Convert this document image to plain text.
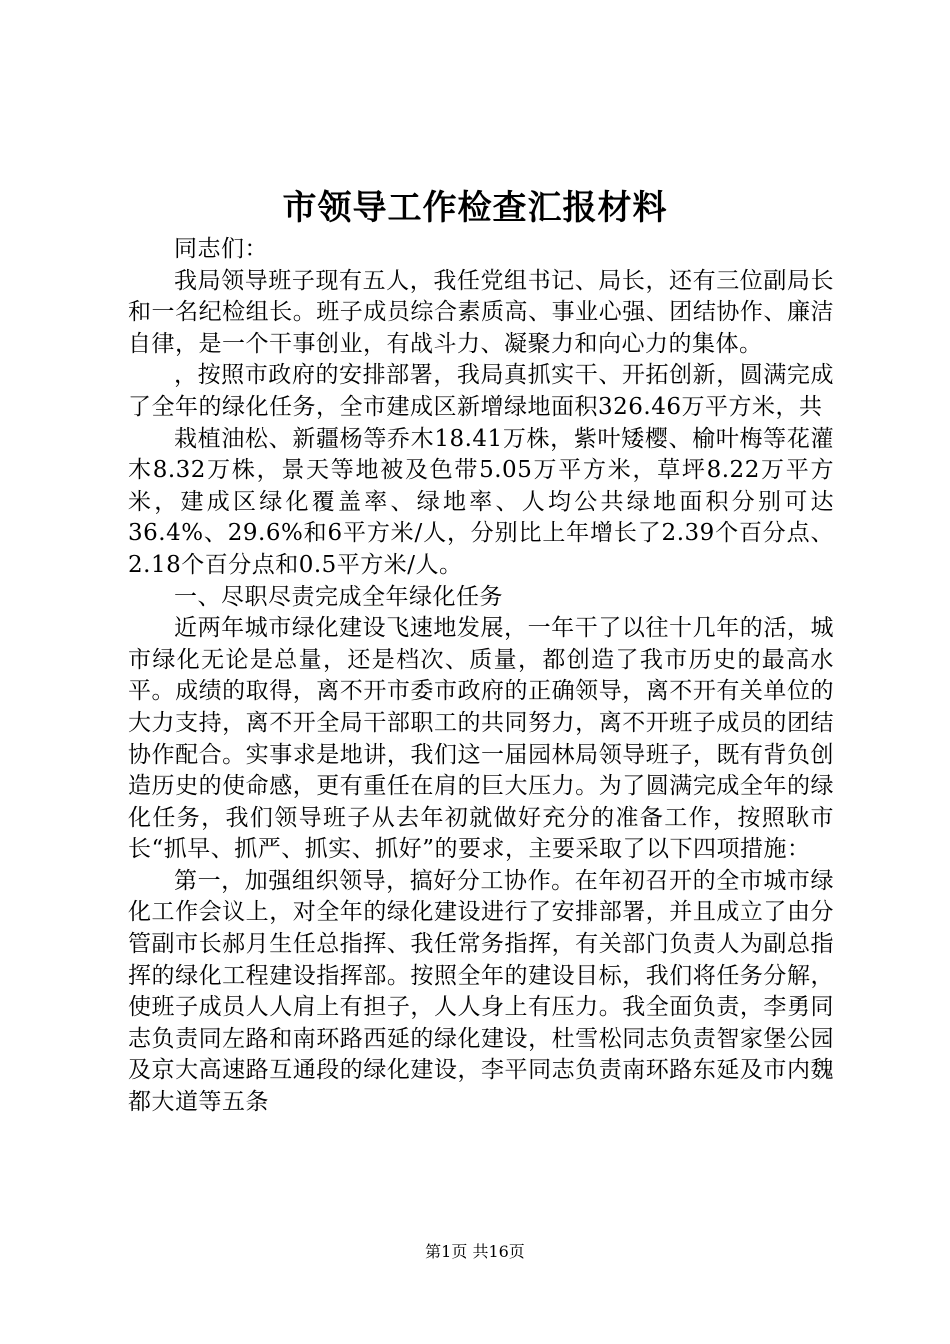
市领导工作检查汇报材料

同志们：

我局领导班子现有五人，我任党组书记、局长，还有三位副局长和一名纪检组长。班子成员综合素质高、事业心强、团结协作、廉洁自律，是一个干事创业，有战斗力、凝聚力和向心力的集体。

，按照市政府的安排部署，我局真抓实干、开拓创新，圆满完成了全年的绿化任务，全市建成区新增绿地面积326.46万平方米，共

栽植油松、新疆杨等乔木18.41万株，紫叶矮樱、榆叶梅等花灌木8.32万株，景天等地被及色带5.05万平方米，草坪8.22万平方米，建成区绿化覆盖率、绿地率、人均公共绿地面积分别可达36.4%、29.6%和6平方米/人，分别比上年增长了2.39个百分点、2.18个百分点和0.5平方米/人。

一、尽职尽责完成全年绿化任务

近两年城市绿化建设飞速地发展，一年干了以往十几年的活，城市绿化无论是总量，还是档次、质量，都创造了我市历史的最高水平。成绩的取得，离不开市委市政府的正确领导，离不开有关单位的大力支持，离不开全局干部职工的共同努力，离不开班子成员的团结协作配合。实事求是地讲，我们这一届园林局领导班子，既有背负创造历史的使命感，更有重任在肩的巨大压力。为了圆满完成全年的绿化任务，我们领导班子从去年初就做好充分的准备工作，按照耿市长“抓早、抓严、抓实、抓好”的要求，主要采取了以下四项措施：

第一，加强组织领导，搞好分工协作。在年初召开的全市城市绿化工作会议上，对全年的绿化建设进行了安排部署，并且成立了由分管副市长郝月生任总指挥、我任常务指挥，有关部门负责人为副总指挥的绿化工程建设指挥部。按照全年的建设目标，我们将任务分解，使班子成员人人肩上有担子，人人身上有压力。我全面负责，李勇同志负责同左路和南环路西延的绿化建设，杜雪松同志负责智家堡公园及京大高速路互通段的绿化建设，李平同志负责南环路东延及市内魏都大道等五条

第1页 共16页
